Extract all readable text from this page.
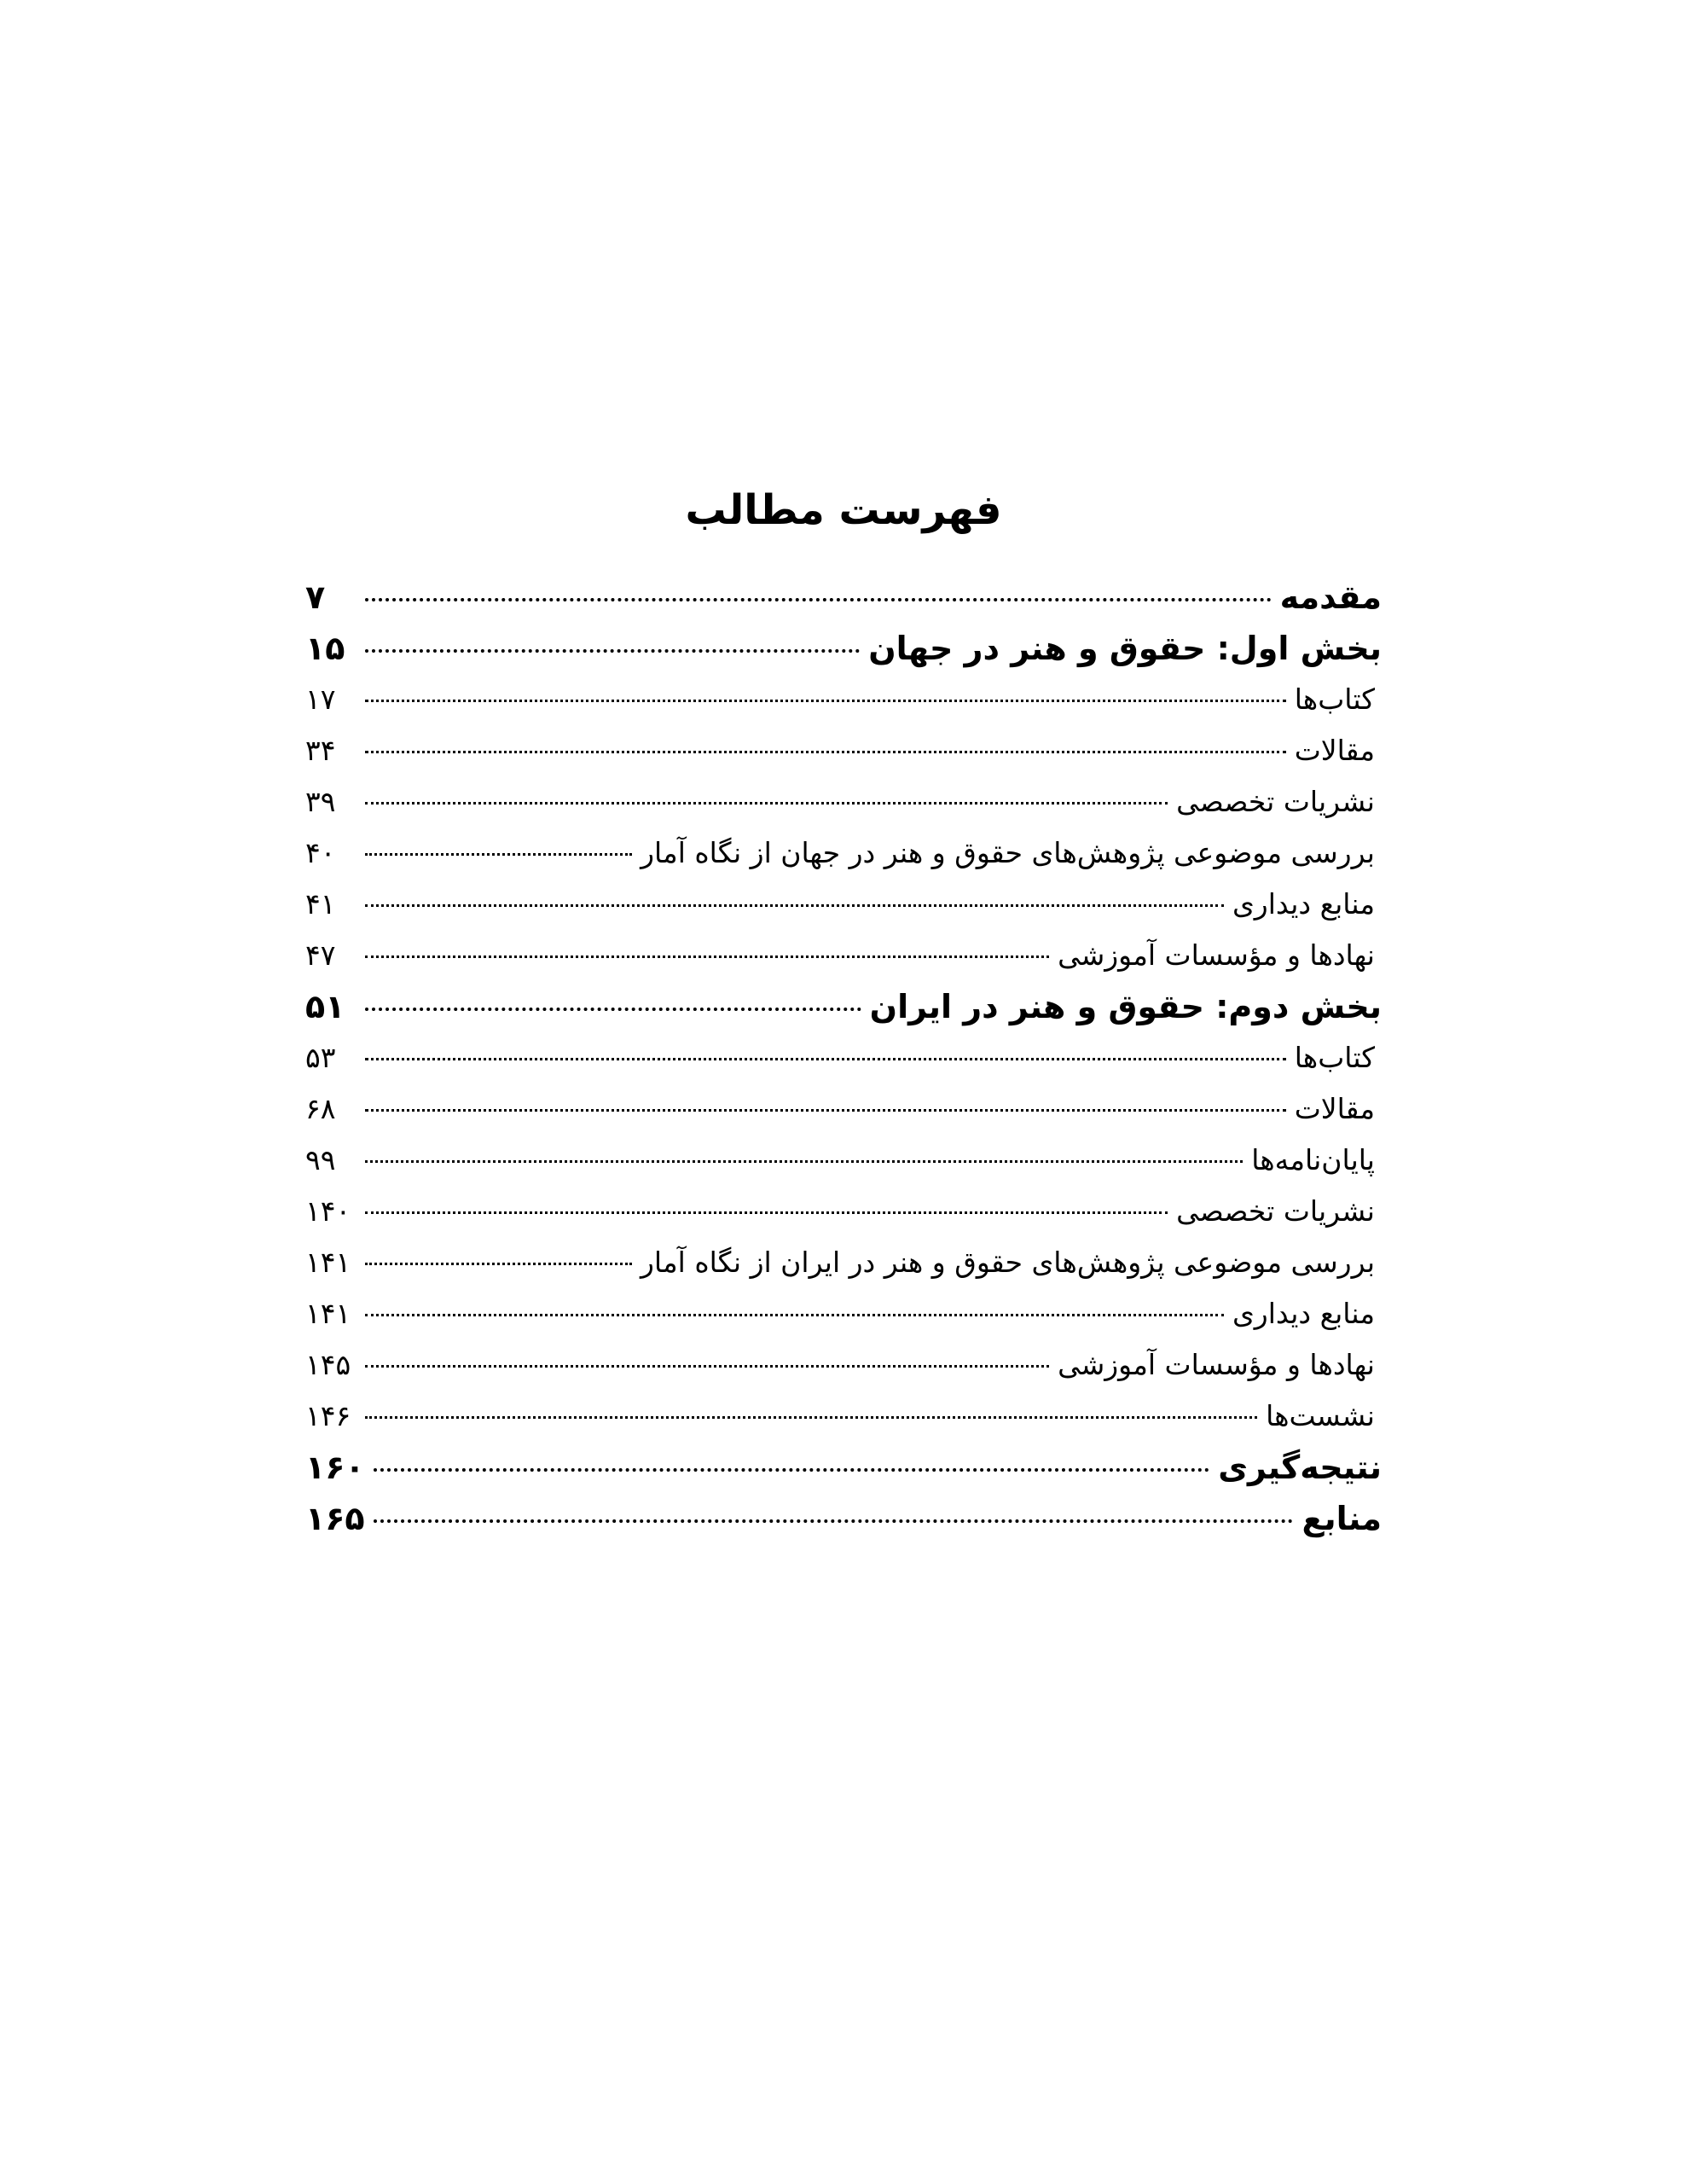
فهرست مطالب
مقدمه
۷
بخش اول: حقوق و هنر در جهان
۱۵
کتاب‌ها
۱۷
مقالات
۳۴
نشریات تخصصی
۳۹
بررسی موضوعی پژوهش‌های حقوق و هنر در جهان از نگاه آمار
۴۰
منابع دیداری
۴۱
نهادها و مؤسسات آموزشی
۴۷
بخش دوم: حقوق و هنر در ایران
۵۱
کتاب‌ها
۵۳
مقالات
۶۸
پایان‌نامه‌ها
۹۹
نشریات تخصصی
۱۴۰
بررسی موضوعی پژوهش‌های حقوق و هنر در ایران از نگاه آمار
۱۴۱
منابع دیداری
۱۴۱
نهادها و مؤسسات آموزشی
۱۴۵
نشست‌ها
۱۴۶
نتیجه‌گیری
۱۶۰
منابع
۱۶۵
